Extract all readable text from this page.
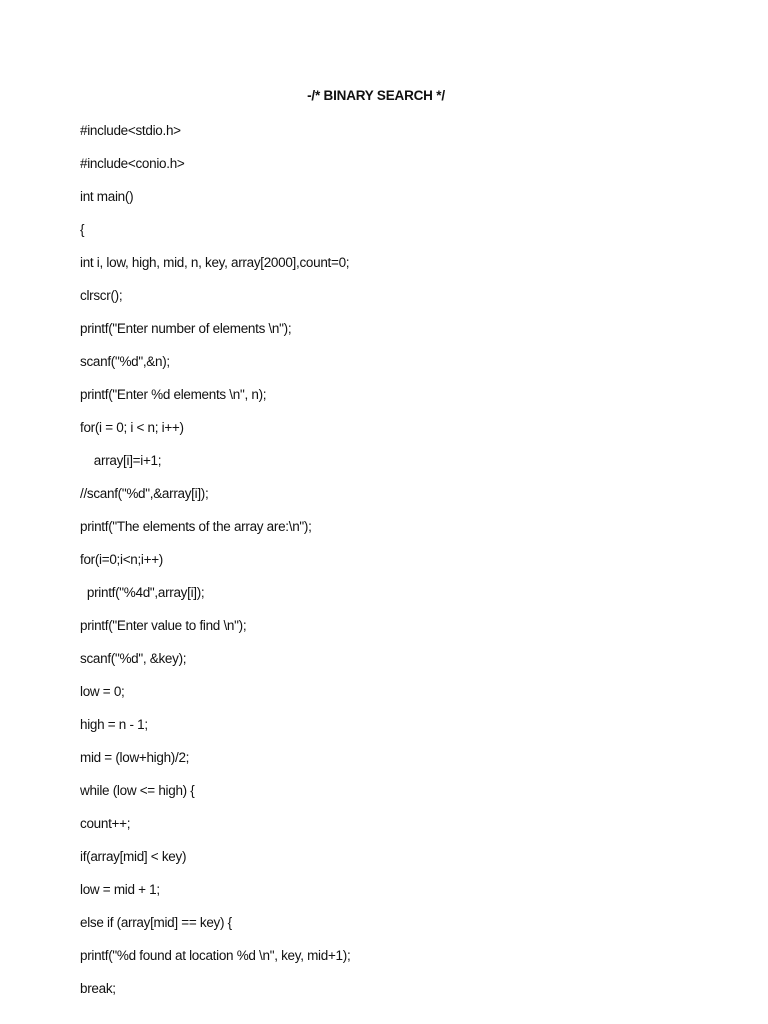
-/* BINARY SEARCH */
#include<stdio.h>
#include<conio.h>
int main()
{
int i, low, high, mid, n, key, array[2000],count=0;
clrscr();
printf("Enter number of elements \n");
scanf("%d",&n);
printf("Enter %d elements \n", n);
for(i = 0; i < n; i++)
array[i]=i+1;
//scanf("%d",&array[i]);
printf("The elements of the array are:\n");
for(i=0;i<n;i++)
printf("%4d",array[i]);
printf("Enter value to find \n");
scanf("%d", &key);
low = 0;
high = n - 1;
mid = (low+high)/2;
while (low <= high) {
count++;
if(array[mid] < key)
low = mid + 1;
else if (array[mid] == key) {
printf("%d found at location %d \n", key, mid+1);
break;
